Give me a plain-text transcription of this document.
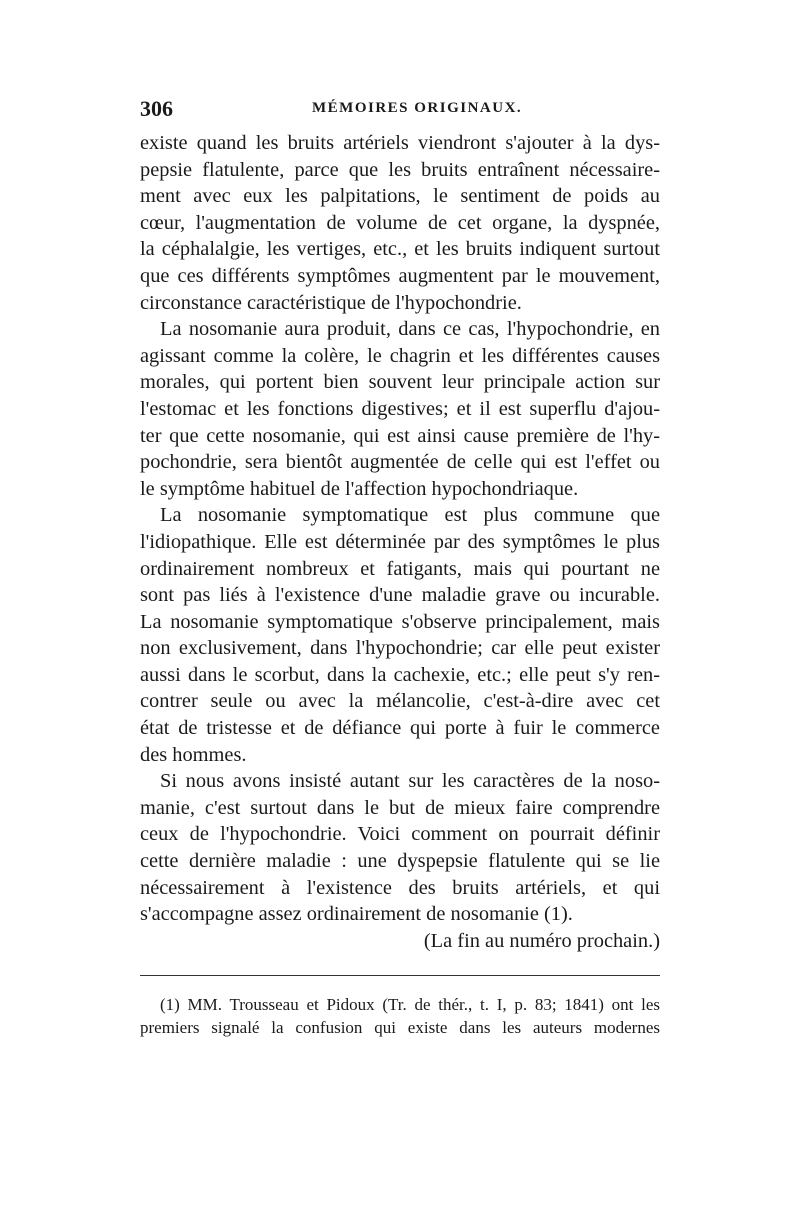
306	MÉMOIRES ORIGINAUX.
existe quand les bruits artériels viendront s'ajouter à la dys-
pepsie flatulente, parce que les bruits entraînent nécessaire-
ment avec eux les palpitations, le sentiment de poids au
cœur, l'augmentation de volume de cet organe, la dyspnée,
la céphalalgie, les vertiges, etc., et les bruits indiquent surtout
que ces différents symptômes augmentent par le mouvement,
circonstance caractéristique de l'hypochondrie.
La nosomanie aura produit, dans ce cas, l'hypochondrie, en
agissant comme la colère, le chagrin et les différentes causes
morales, qui portent bien souvent leur principale action sur
l'estomac et les fonctions digestives; et il est superflu d'ajou-
ter que cette nosomanie, qui est ainsi cause première de l'hy-
pochondrie, sera bientôt augmentée de celle qui est l'effet ou
le symptôme habituel de l'affection hypochondriaque.
La nosomanie symptomatique est plus commune que
l'idiopathique. Elle est déterminée par des symptômes le plus
ordinairement nombreux et fatigants, mais qui pourtant ne
sont pas liés à l'existence d'une maladie grave ou incurable.
La nosomanie symptomatique s'observe principalement, mais
non exclusivement, dans l'hypochondrie; car elle peut exister
aussi dans le scorbut, dans la cachexie, etc.; elle peut s'y ren-
contrer seule ou avec la mélancolie, c'est-à-dire avec cet
état de tristesse et de défiance qui porte à fuir le commerce
des hommes.
Si nous avons insisté autant sur les caractères de la noso-
manie, c'est surtout dans le but de mieux faire comprendre
ceux de l'hypochondrie. Voici comment on pourrait définir
cette dernière maladie : une dyspepsie flatulente qui se lie
nécessairement à l'existence des bruits artériels, et qui
s'accompagne assez ordinairement de nosomanie (1).
(La fin au numéro prochain.)
(1) MM. Trousseau et Pidoux (Tr. de thér., t. I, p. 83; 1841) ont les
premiers signalé la confusion qui existe dans les auteurs modernes
